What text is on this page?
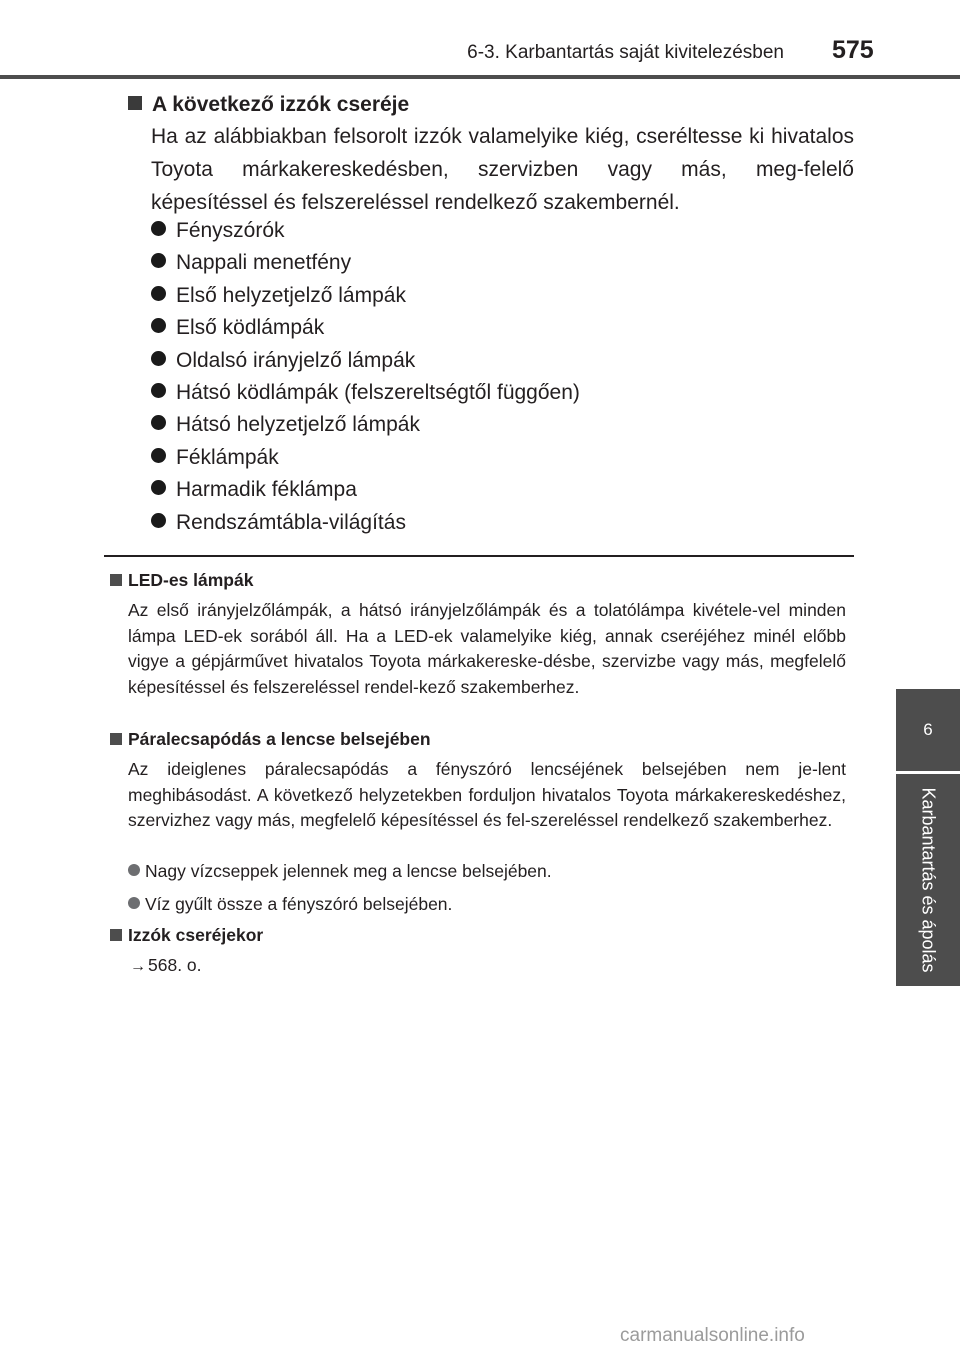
6-3. Karbantartás saját kivitelezésben 575
6
Karbantartás és ápolás
A következő izzók cseréje

Ha az alábbiakban felsorolt izzók valamelyike kiég, cseréltesse ki hivatalos Toyota márkakereskedésben, szervizben vagy más, meg-felelő képesítéssel és felszereléssel rendelkező szakembernél.

Fényszórók
Nappali menetfény
Első helyzetjelző lámpák
Első ködlámpák
Oldalsó irányjelző lámpák
Hátsó ködlámpák (felszereltségtől függően)
Hátsó helyzetjelző lámpák
Féklámpák
Harmadik féklámpa
Rendszámtábla-világítás
LED-es lámpák

Az első irányjelzőlámpák, a hátsó irányjelzőlámpák és a tolatólámpa kivétele-vel minden lámpa LED-ek sorából áll. Ha a LED-ek valamelyike kiég, annak cseréjéhez minél előbb vigye a gépjárművet hivatalos Toyota márkakereske-désbe, szervizbe vagy más, megfelelő képesítéssel és felszereléssel rendel-kező szakemberhez.

Páralecsapódás a lencse belsejében

Az ideiglenes páralecsapódás a fényszóró lencséjének belsejében nem je-lent meghibásodást. A következő helyzetekben forduljon hivatalos Toyota márkakereskedéshez, szervizhez vagy más, megfelelő képesítéssel és fel-szereléssel rendelkező szakemberhez.

Nagy vízcseppek jelennek meg a lencse belsejében.
Víz gyűlt össze a fényszóró belsejében.
Izzók cseréjekor
→ 568. o.
carmanualsonline.info
